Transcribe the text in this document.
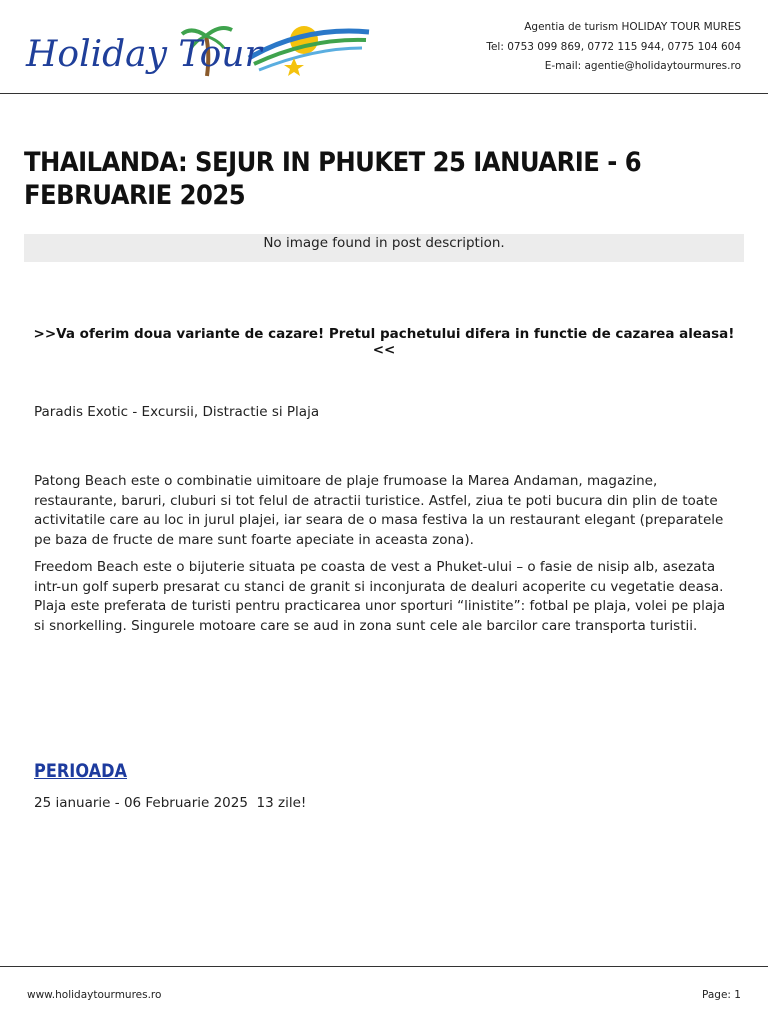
Holiday Tour
Agentia de turism HOLIDAY TOUR MURES
Tel: 0753 099 869, 0772 115 944, 0775 104 604
E-mail: agentie@holidaytourmures.ro
THAILANDA: SEJUR IN PHUKET 25 IANUARIE - 6 FEBRUARIE 2025
No image found in post description.
>>Va oferim doua variante de cazare! Pretul pachetului difera in functie de cazarea aleasa!<<
Paradis Exotic - Excursii, Distractie si Plaja

Patong Beach este o combinatie uimitoare de plaje frumoase la Marea Andaman, magazine, restaurante, baruri, cluburi si tot felul de atractii turistice. Astfel, ziua te poti bucura din plin de toate activitatile care au loc in jurul plajei, iar seara de o masa festiva la un restaurant elegant (preparatele pe baza de fructe de mare sunt foarte apeciate in aceasta zona).

Freedom Beach este o bijuterie situata pe coasta de vest a Phuket-ului – o fasie de nisip alb, asezata intr-un golf superb presarat cu stanci de granit si inconjurata de dealuri acoperite cu vegetatie deasa. Plaja este preferata de turisti pentru practicarea unor sporturi “linistite”: fotbal pe plaja, volei pe plaja si snorkelling. Singurele motoare care se aud in zona sunt cele ale barcilor care transporta turistii.

PERIOADA
25 ianuarie - 06 Februarie 2025  13 zile!
www.holidaytourmures.ro	Page: 1
